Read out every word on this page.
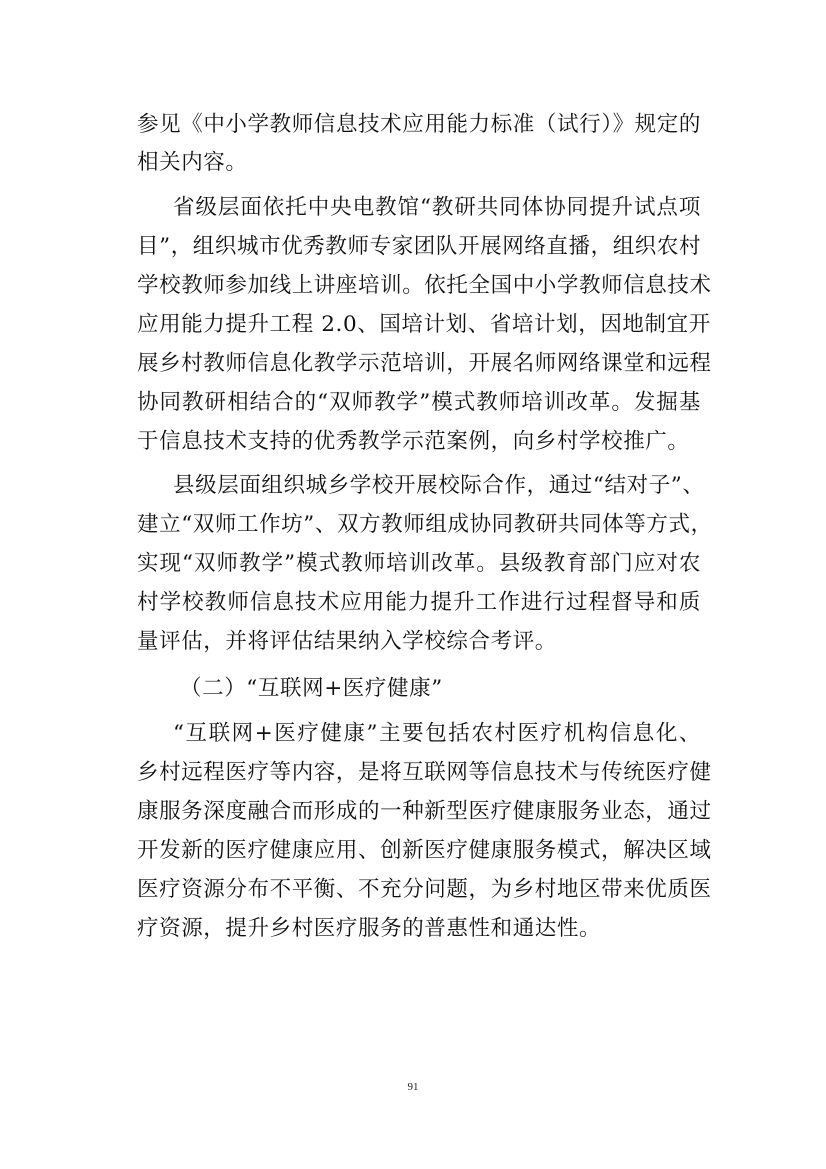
参见《中小学教师信息技术应用能力标准（试行）》规定的
相关内容。
省级层面依托中央电教馆“教研共同体协同提升试点项
目”，组织城市优秀教师专家团队开展网络直播，组织农村
学校教师参加线上讲座培训。依托全国中小学教师信息技术
应用能力提升工程 2.0、国培计划、省培计划，因地制宜开
展乡村教师信息化教学示范培训，开展名师网络课堂和远程
协同教研相结合的“双师教学”模式教师培训改革。发掘基
于信息技术支持的优秀教学示范案例，向乡村学校推广。
县级层面组织城乡学校开展校际合作，通过“结对子”、
建立“双师工作坊”、双方教师组成协同教研共同体等方式，
实现“双师教学”模式教师培训改革。县级教育部门应对农
村学校教师信息技术应用能力提升工作进行过程督导和质
量评估，并将评估结果纳入学校综合考评。
（二）“互联网+医疗健康”
“互联网+医疗健康”主要包括农村医疗机构信息化、
乡村远程医疗等内容，是将互联网等信息技术与传统医疗健
康服务深度融合而形成的一种新型医疗健康服务业态，通过
开发新的医疗健康应用、创新医疗健康服务模式，解决区域
医疗资源分布不平衡、不充分问题，为乡村地区带来优质医
疗资源，提升乡村医疗服务的普惠性和通达性。
91
